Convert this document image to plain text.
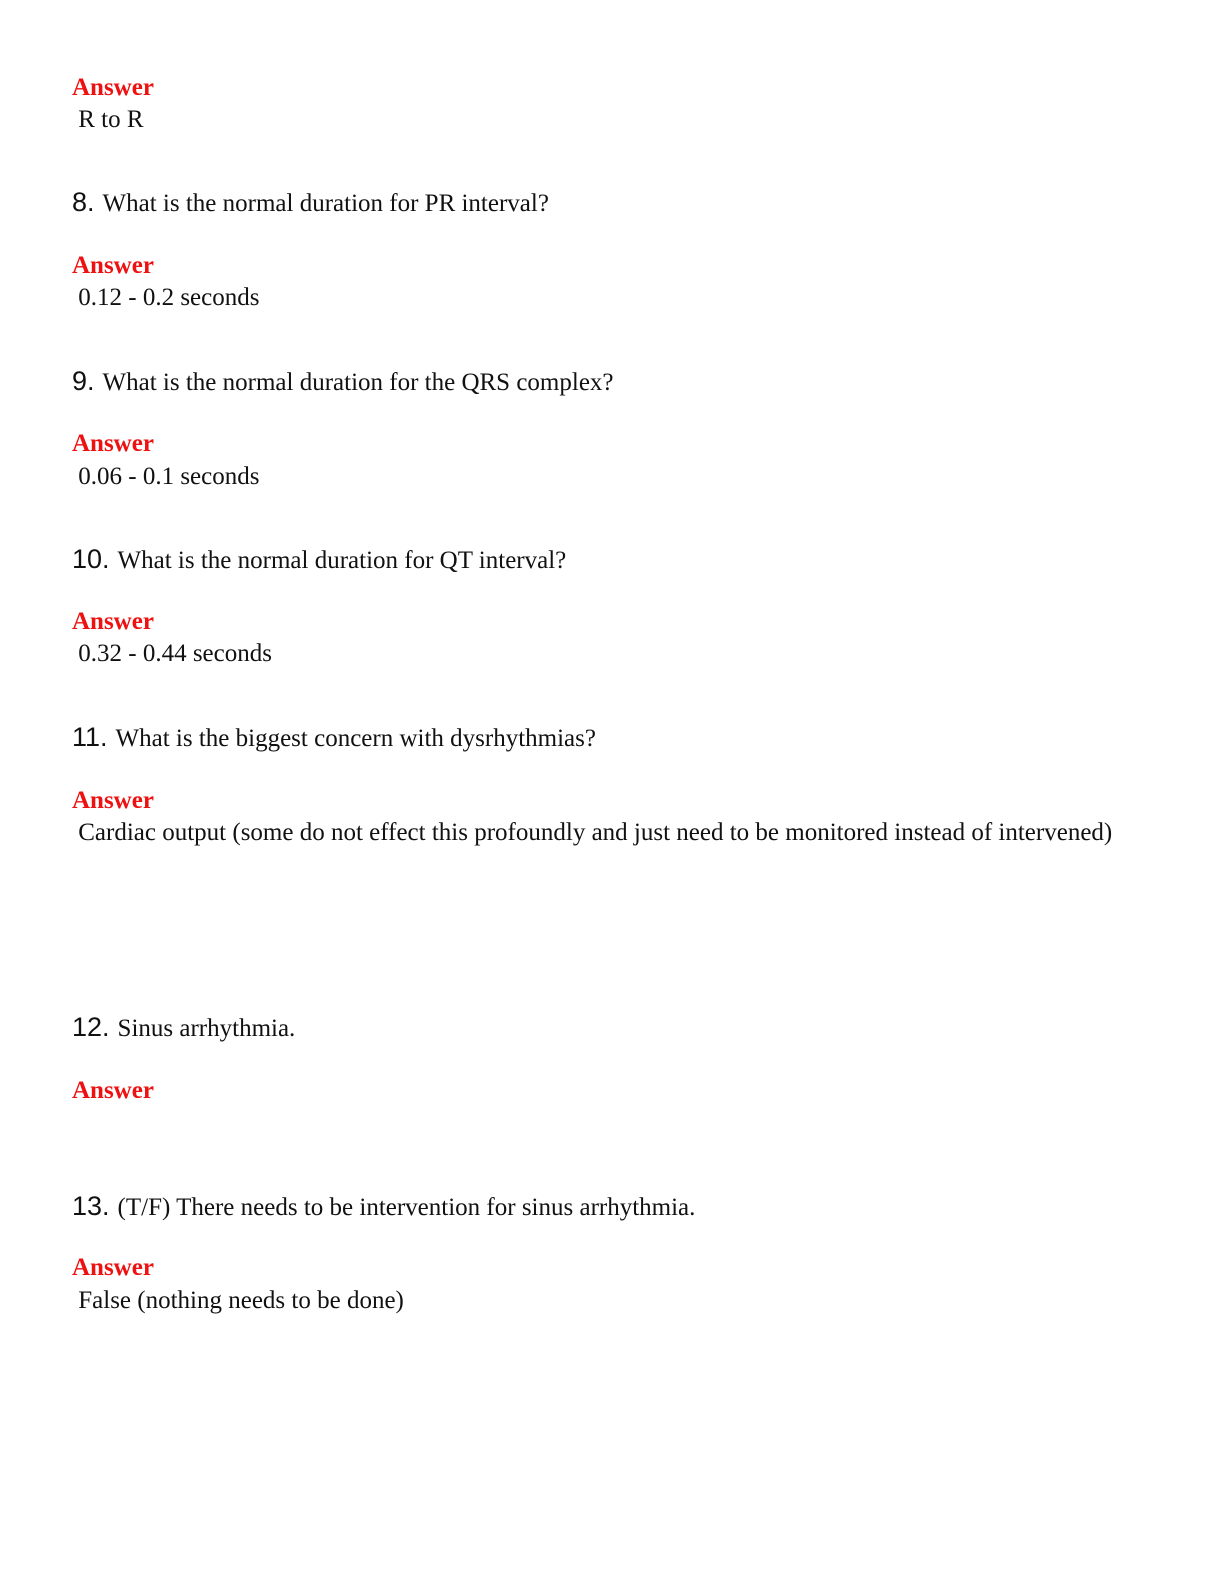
Answer
R to R
8. What is the normal duration for PR interval?
Answer
0.12 - 0.2 seconds
9. What is the normal duration for the QRS complex?
Answer
0.06 - 0.1 seconds
10. What is the normal duration for QT interval?
Answer
0.32 - 0.44 seconds
11. What is the biggest concern with dysrhythmias?
Answer
Cardiac output (some do not effect this profoundly and just need to be monitored instead of intervened)
12. Sinus arrhythmia.
Answer
13. (T/F) There needs to be intervention for sinus arrhythmia.
Answer
False (nothing needs to be done)
